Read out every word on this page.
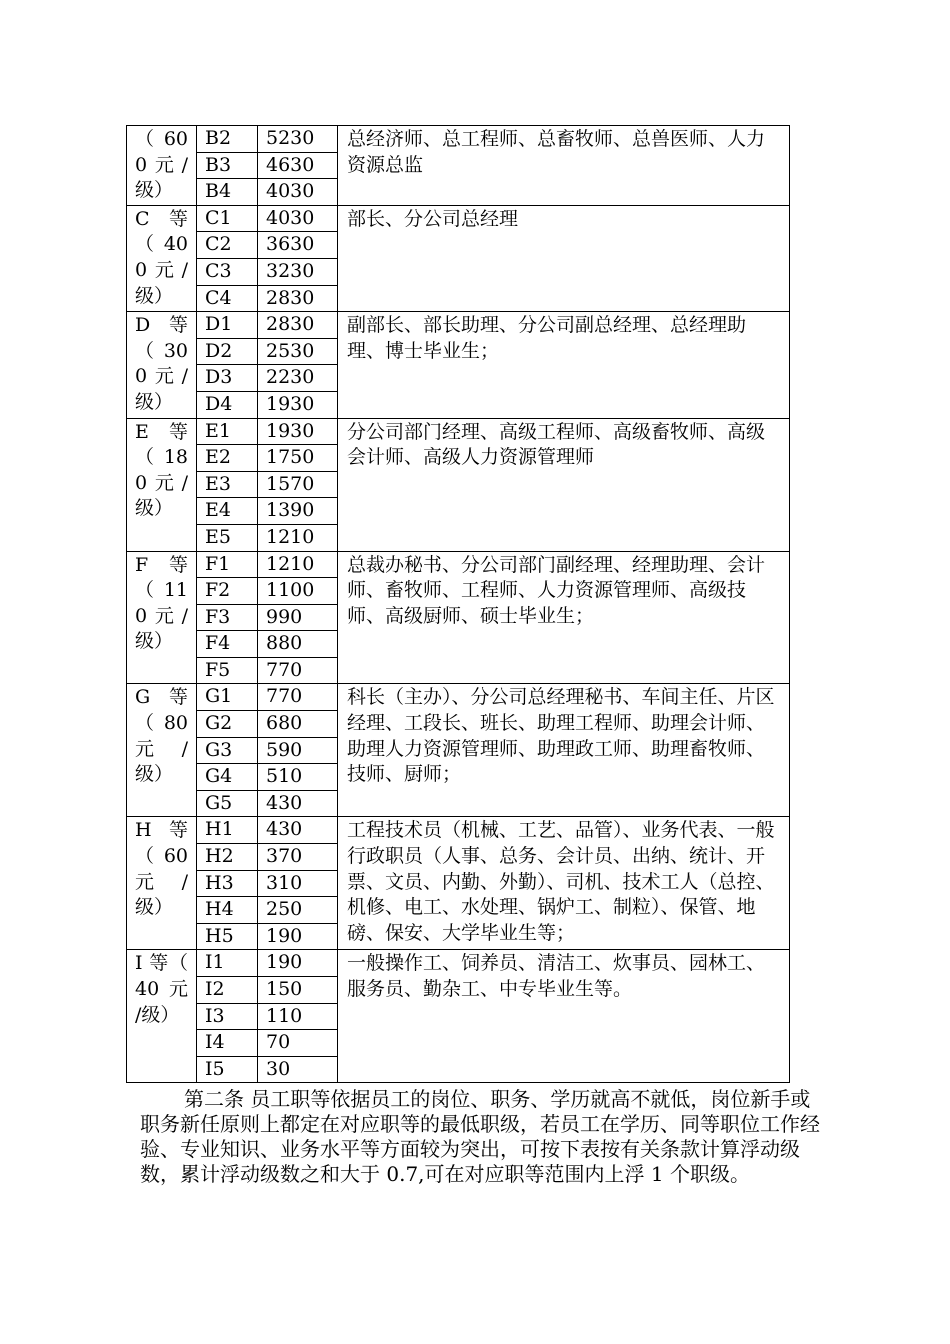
（ 60 0元/级）	B2	5230	总经济师、总工程师、总畜牧师、总兽医师、人力资源总监
	B3	4630	
	B4	4030	
C 等（ 40 0元/级）	C1	4030	部长、分公司总经理
	C2	3630	
	C3	3230	
	C4	2830	
D 等（ 30 0元/级）	D1	2830	副部长、部长助理、分公司副总经理、总经理助理、博士毕业生；
	D2	2530	
	D3	2230	
	D4	1930	
E 等（ 18 0元/级）	E1	1930	分公司部门经理、高级工程师、高级畜牧师、高级会计师、高级人力资源管理师
	E2	1750	
	E3	1570	
	E4	1390	
	E5	1210	
F 等（ 11 0元/级）	F1	1210	总裁办秘书、分公司部门副经理、经理助理、会计师、畜牧师、工程师、人力资源管理师、高级技师、高级厨师、硕士毕业生；
	F2	1100	
	F3	990	
	F4	880	
	F5	770	
G 等（ 80 元 /级）	G1	770	科长（主办）、分公司总经理秘书、车间主任、片区经理、工段长、班长、助理工程师、助理会计师、助理人力资源管理师、助理政工师、助理畜牧师、技师、厨师；
	G2	680	
	G3	590	
	G4	510	
	G5	430	
H 等（ 60 元 /级）	H1	430	工程技术员（机械、工艺、品管）、业务代表、一般行政职员（人事、总务、会计员、出纳、统计、开票、文员、内勤、外勤）、司机、技术工人（总控、机修、电工、水处理、锅炉工、制粒）、保管、地磅、保安、大学毕业生等；
	H2	370	
	H3	310	
	H4	250	
	H5	190	
I 等（ 40 元 /级）	I1	190	一般操作工、饲养员、清洁工、炊事员、园林工、服务员、勤杂工、中专毕业生等。
	I2	150	
	I3	110	
	I4	70	
	I5	30	

第二条 员工职等依据员工的岗位、职务、学历就高不就低，岗位新手或职务新任原则上都定在对应职等的最低职级，若员工在学历、同等职位工作经验、专业知识、业务水平等方面较为突出，可按下表按有关条款计算浮动级数，累计浮动级数之和大于 0.7,可在对应职等范围内上浮 1 个职级。
